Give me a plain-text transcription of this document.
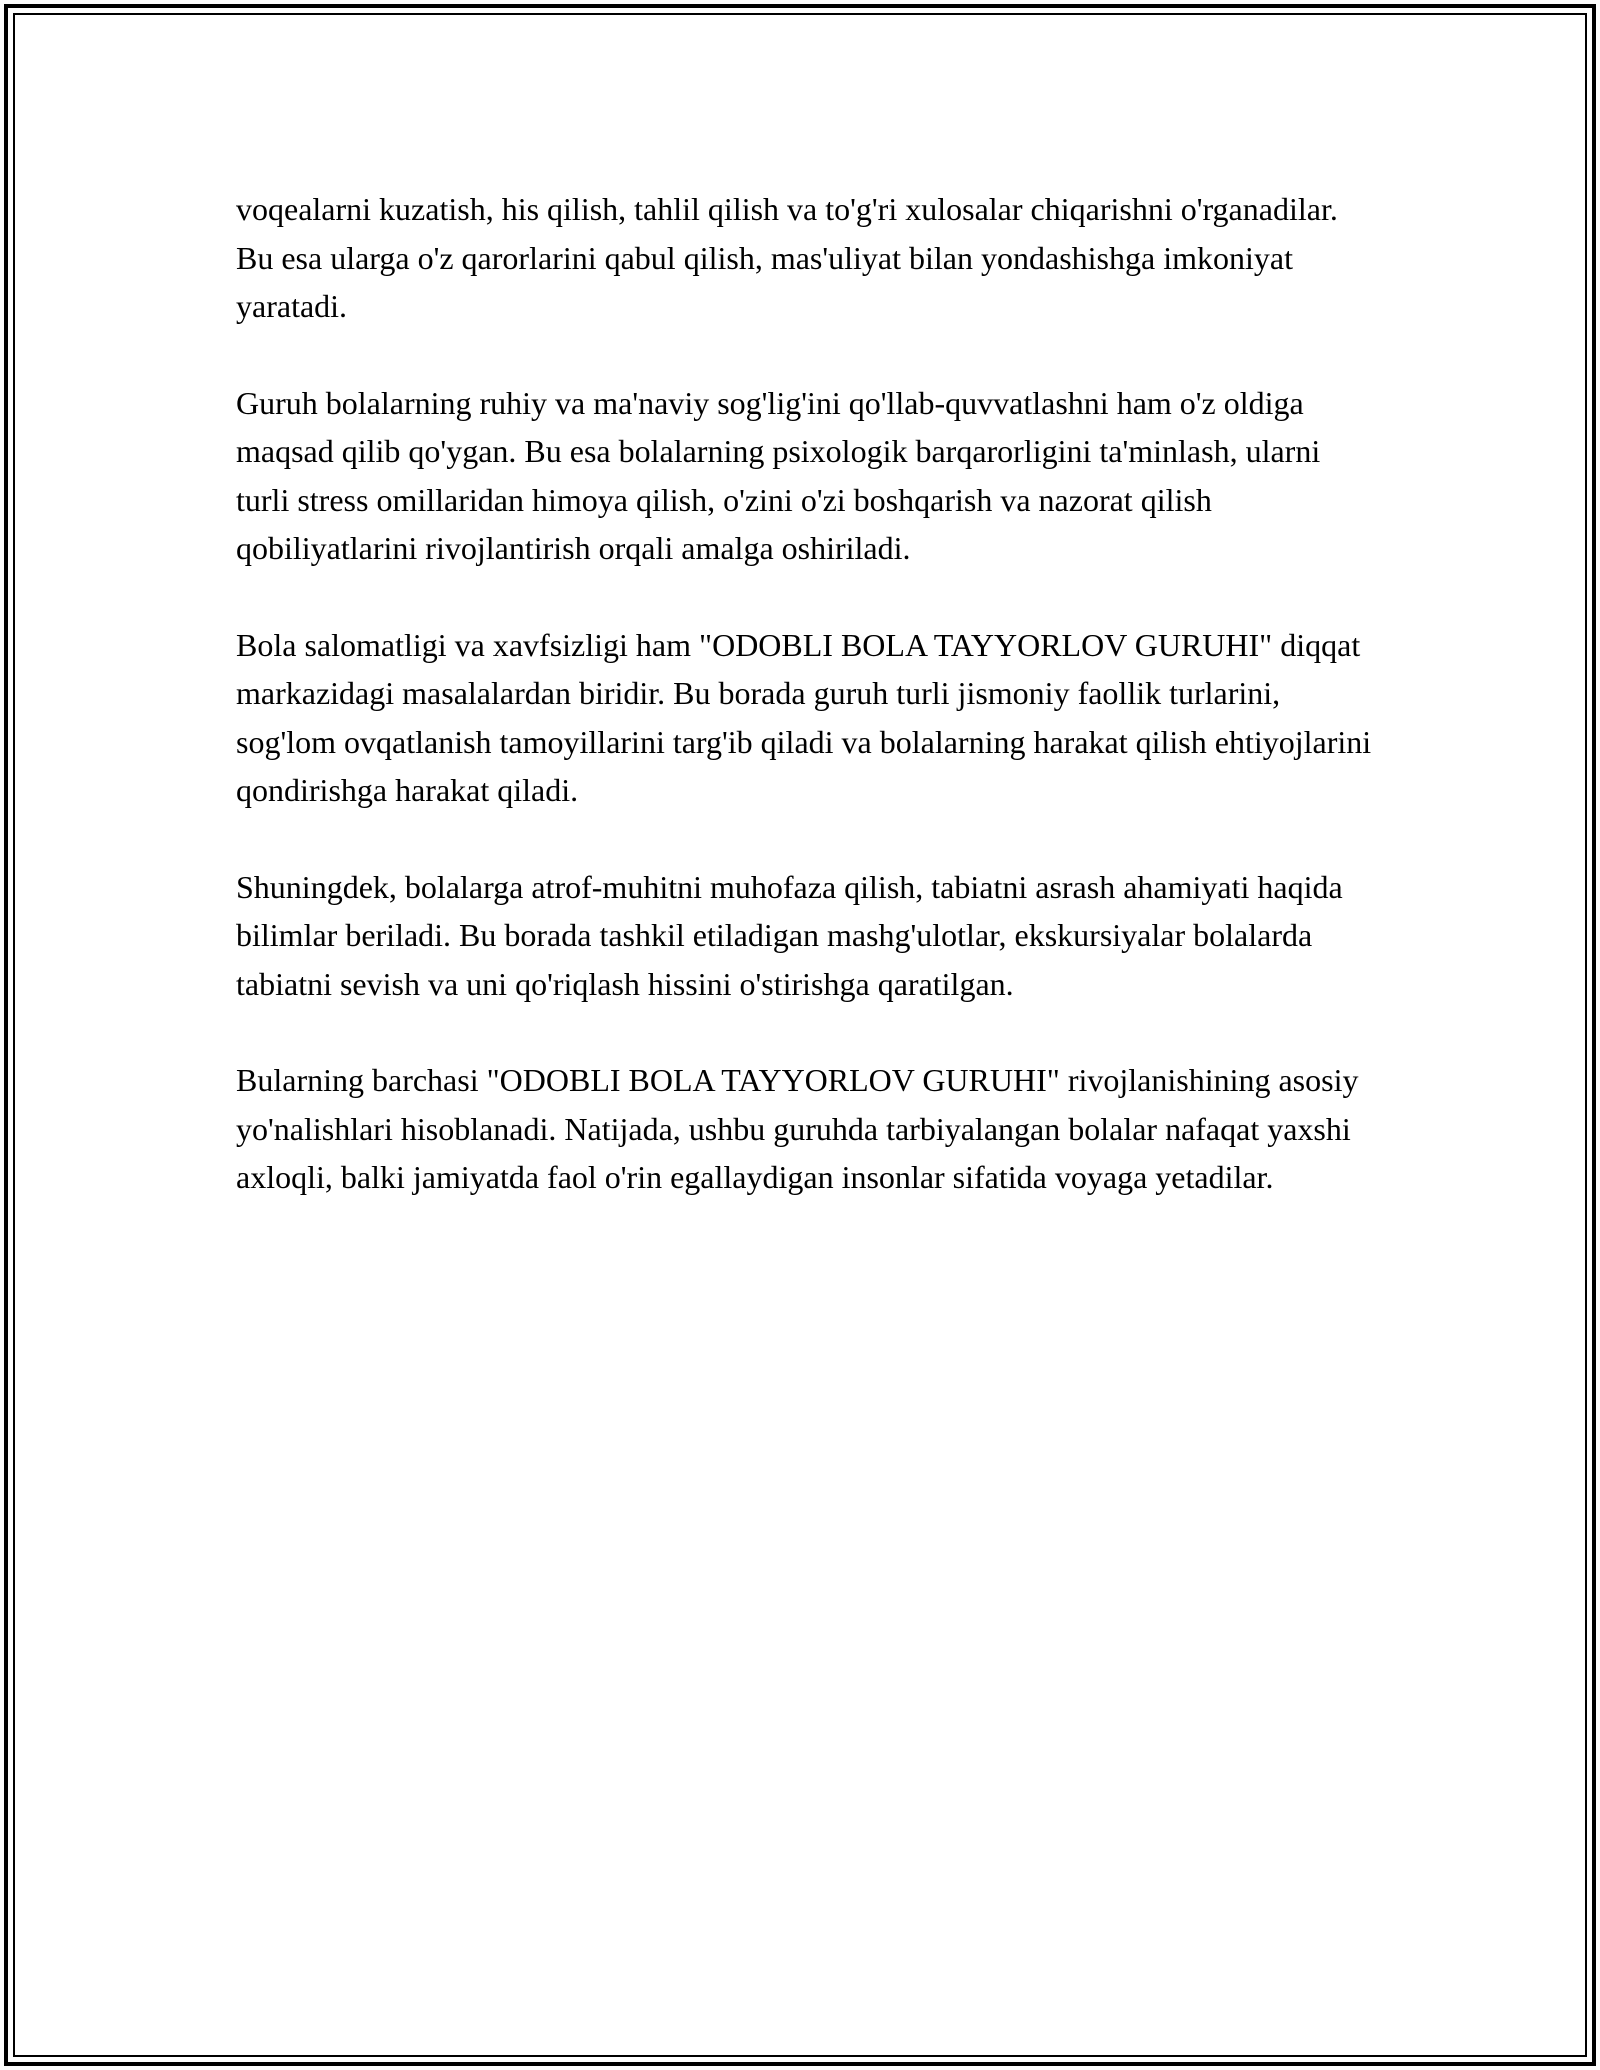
voqealarni kuzatish, his qilish, tahlil qilish va to'g'ri xulosalar chiqarishni o'rganadilar. Bu esa ularga o'z qarorlarini qabul qilish, mas'uliyat bilan yondashishga imkoniyat yaratadi.

Guruh bolalarning ruhiy va ma'naviy sog'lig'ini qo'llab-quvvatlashni ham o'z oldiga maqsad qilib qo'ygan. Bu esa bolalarning psixologik barqarorligini ta'minlash, ularni turli stress omillaridan himoya qilish, o'zini o'zi boshqarish va nazorat qilish qobiliyatlarini rivojlantirish orqali amalga oshiriladi.

Bola salomatligi va xavfsizligi ham "ODOBLI BOLA TAYYORLOV GURUHI" diqqat markazidagi masalalardan biridir. Bu borada guruh turli jismoniy faollik turlarini, sog'lom ovqatlanish tamoyillarini targ'ib qiladi va bolalarning harakat qilish ehtiyojlarini qondirishga harakat qiladi.

Shuningdek, bolalarga atrof-muhitni muhofaza qilish, tabiatni asrash ahamiyati haqida bilimlar beriladi. Bu borada tashkil etiladigan mashg'ulotlar, ekskursiyalar bolalarda tabiatni sevish va uni qo'riqlash hissini o'stirishga qaratilgan.

Bularning barchasi "ODOBLI BOLA TAYYORLOV GURUHI" rivojlanishining asosiy yo'nalishlari hisoblanadi. Natijada, ushbu guruhda tarbiyalangan bolalar nafaqat yaxshi axloqli, balki jamiyatda faol o'rin egallaydigan insonlar sifatida voyaga yetadilar.
